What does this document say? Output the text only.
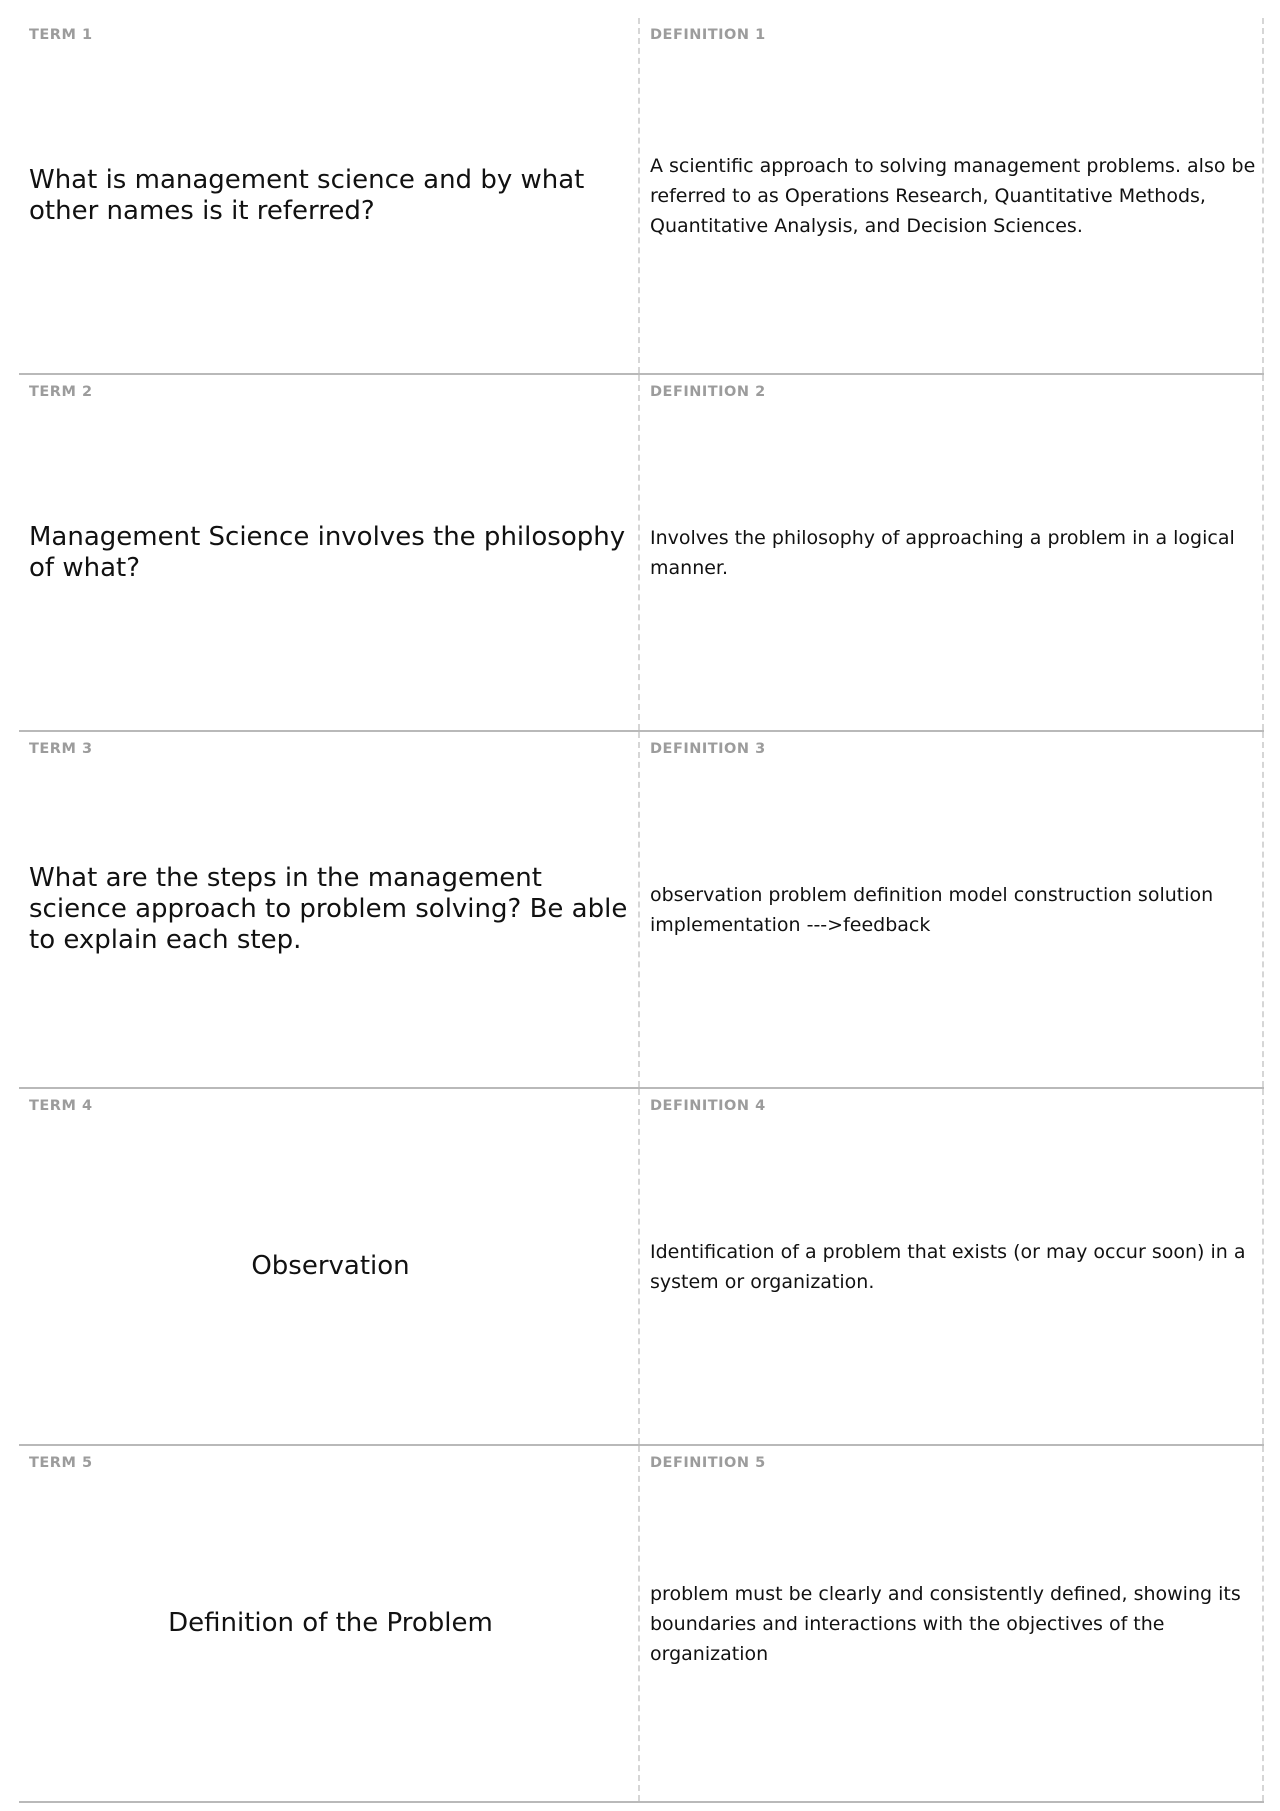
TERM 1
What is management science and by what other names is it referred?
DEFINITION 1
A scientific approach to solving management problems. also be referred to as Operations Research, Quantitative Methods, Quantitative Analysis, and Decision Sciences.
TERM 2
Management Science involves the philosophy of what?
DEFINITION 2
Involves the philosophy of approaching a problem in a logical manner.
TERM 3
What are the steps in the management science approach to problem solving? Be able to explain each step.
DEFINITION 3
observation problem definition model construction solution implementation --->feedback
TERM 4
Observation
DEFINITION 4
Identification of a problem that exists (or may occur soon) in a system or organization.
TERM 5
Definition of the Problem
DEFINITION 5
problem must be clearly and consistently defined, showing its boundaries and interactions with the objectives of the organization
